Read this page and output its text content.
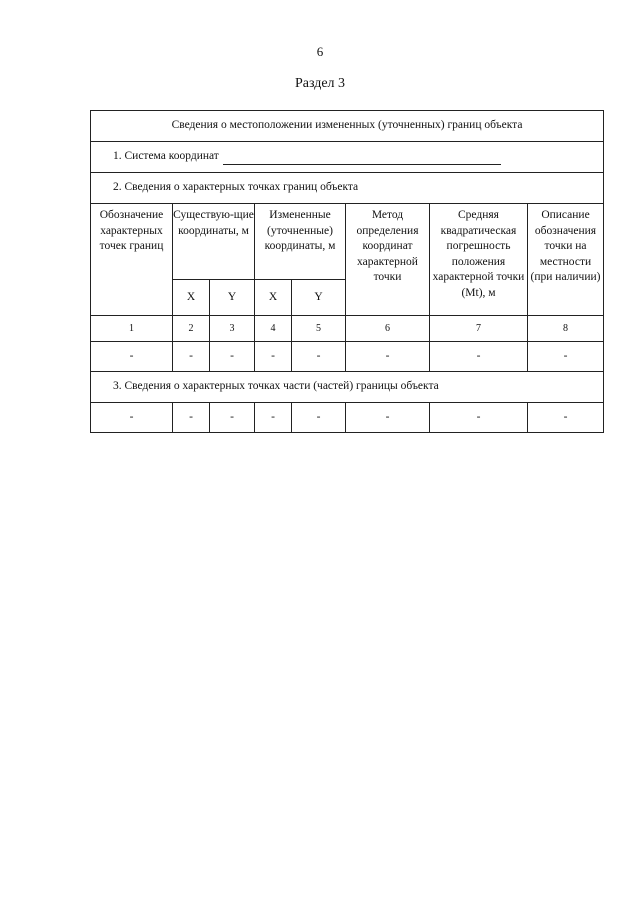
6
Раздел 3
Сведения о местоположении измененных (уточненных) границ объекта							
1. Система координат							
2. Сведения о характерных точках границ объекта							
Обозначение характерных точек границ	Существую-щие координаты, м		Измененные (уточненные) координаты, м		Метод определения координат характерной точки	Средняя квадратическая погрешность положения характерной точки (Mt), м	Описание обозначения точки на местности (при наличии)
	X	Y	X	Y			
1	2	3	4	5	6	7	8
-	-	-	-	-	-	-	-
3. Сведения о характерных точках части (частей) границы объекта							
-	-	-	-	-	-	-	-
